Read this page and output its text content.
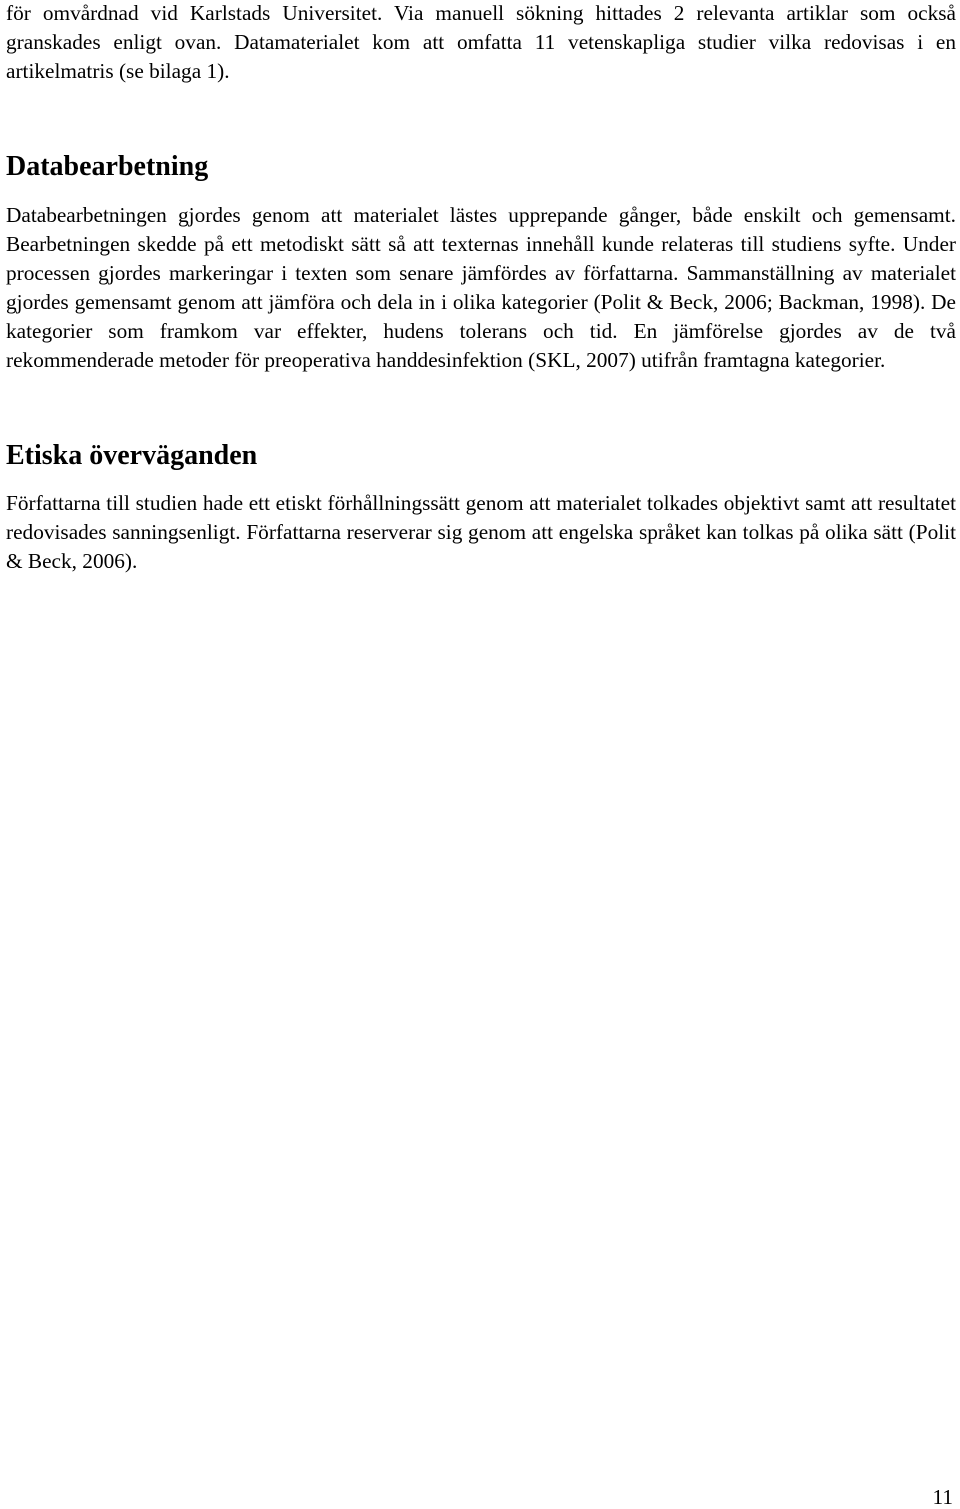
för omvårdnad vid Karlstads Universitet. Via manuell sökning hittades 2 relevanta artiklar som också granskades enligt ovan. Datamaterialet kom att omfatta 11 vetenskapliga studier vilka redovisas i en artikelmatris (se bilaga 1).

Databearbetning

Databearbetningen gjordes genom att materialet lästes upprepande gånger, både enskilt och gemensamt. Bearbetningen skedde på ett metodiskt sätt så att texternas innehåll kunde relateras till studiens syfte. Under processen gjordes markeringar i texten som senare jämfördes av författarna. Sammanställning av materialet gjordes gemensamt genom att jämföra och dela in i olika kategorier (Polit & Beck, 2006; Backman, 1998). De kategorier som framkom var effekter, hudens tolerans och tid. En jämförelse gjordes av de två rekommenderade metoder för preoperativa handdesinfektion (SKL, 2007) utifrån framtagna kategorier.

Etiska överväganden

Författarna till studien hade ett etiskt förhållningssätt genom att materialet tolkades objektivt samt att resultatet redovisades sanningsenligt. Författarna reserverar sig genom att engelska språket kan tolkas på olika sätt (Polit & Beck, 2006).

11
